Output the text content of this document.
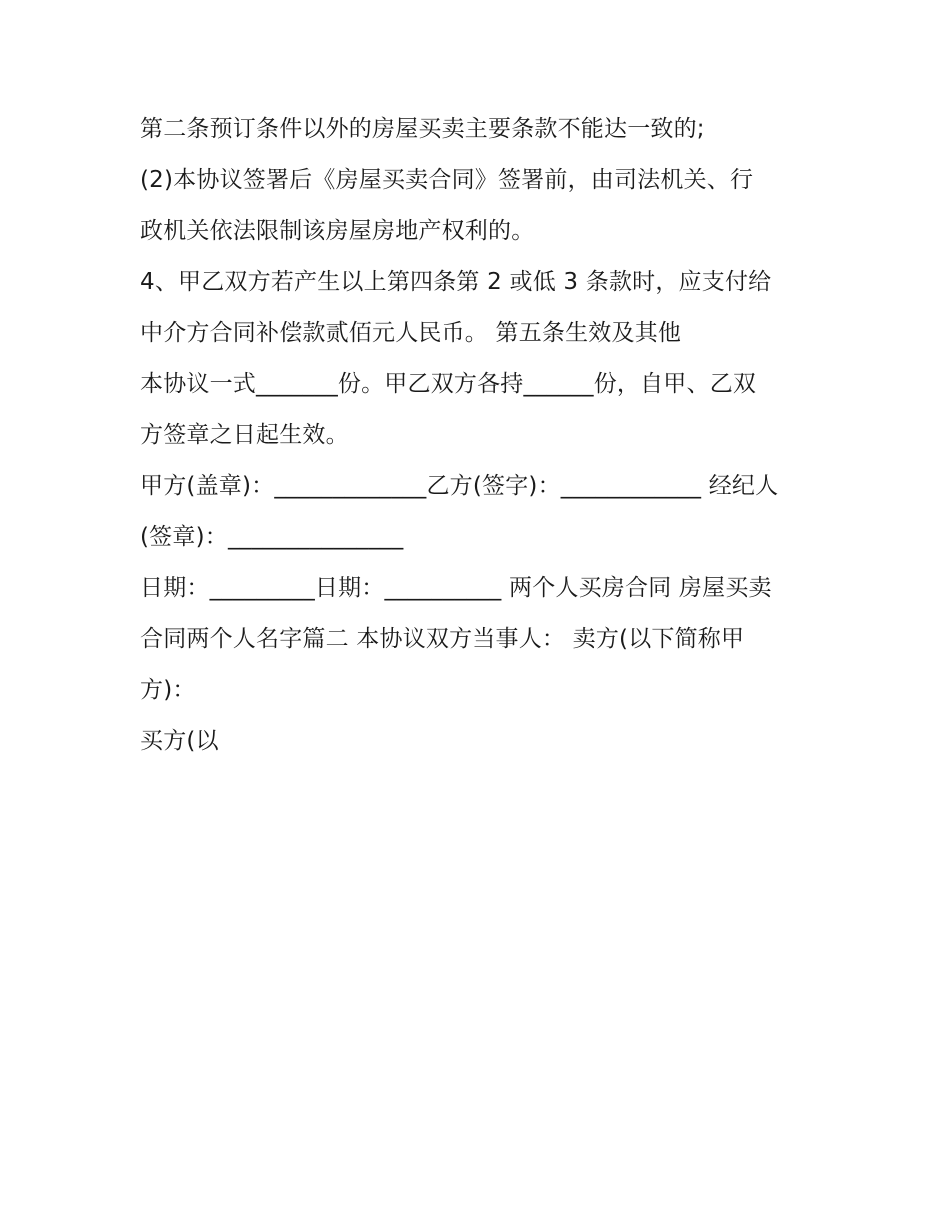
第二条预订条件以外的房屋买卖主要条款不能达一致的;
(2)本协议签署后《房屋买卖合同》签署前，由司法机关、行
政机关依法限制该房屋房地产权利的。
4、甲乙双方若产生以上第四条第 2 或低 3 条款时，应支付给
中介方合同补偿款贰佰元人民币。 第五条生效及其他
本协议一式_______份。甲乙双方各持______份，自甲、乙双
方签章之日起生效。
甲方(盖章)：_____________乙方(签字)：____________ 经纪人
(签章)：_______________
日期：_________日期：__________ 两个人买房合同 房屋买卖
合同两个人名字篇二 本协议双方当事人： 卖方(以下简称甲
方)：
买方(以
